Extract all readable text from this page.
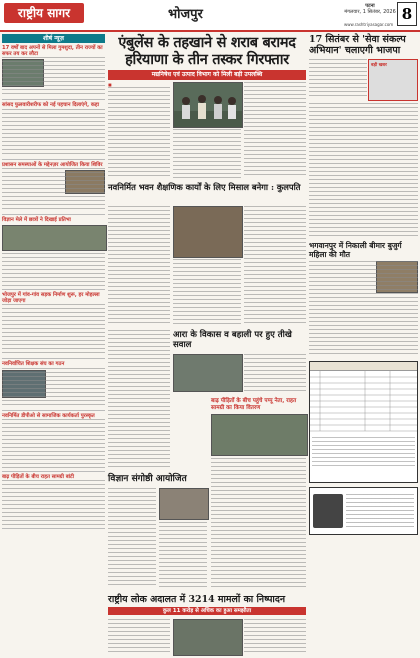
राष्ट्रीय सागर	भोजपुर
पटना
मंगलवार, 1 सितंबर, 2026 8
www.rashtriyasagar.com
शीर्ष न्यूज़
17 वर्षों बाद अपनों से मिला गुमशुदा, तीन राज्यों का सफर तय कर लौटा
सांसद फुलवारीशरीफ को नई पहचान दिलाएंगे, कहा
प्रशासन समस्याओं के मद्देनज़र आयोजित किया शिविर
विज्ञान मेले में छात्रों ने दिखाई प्रतिभा
भोजपुर में गांव-गांव सड़क निर्माण शुरू, हर मोहल्ला जोड़ा जाएगा
नवनिर्वाचित शिक्षक संघ का गठन
नवनिर्मित डीपीओ से सामाजिक कार्यकर्ता पुरस्कृत
बाढ़ पीड़ितों के बीच राहत सामग्री बांटी
एंबुलेंस के तहखाने से शराब बरामद हरियाणा के तीन तस्कर गिरफ्तार
मद्यनिषेध एवं उत्पाद विभाग को मिली बड़ी उपलब्धि
■
नवनिर्मित भवन शैक्षणिक कार्यों के लिए मिसाल बनेगा : कुलपति
आरा के विकास व बहाली पर हुए तीखे सवाल
विज्ञान संगोष्ठी आयोजित
बाढ़ पीड़ितों के बीच पहुंचे पप्पू नेता, राहत सामग्री का किया वितरण
राष्ट्रीय लोक अदालत में 3214 मामलों का निष्पादन
कुल 11 करोड़ से अधिक का हुआ समझौता
17 सितंबर से 'सेवा संकल्प अभियान' चलाएगी भाजपा
बड़ी खबर
भगवानपुर में निकाली बीमार बुजुर्ग महिला की मौत
